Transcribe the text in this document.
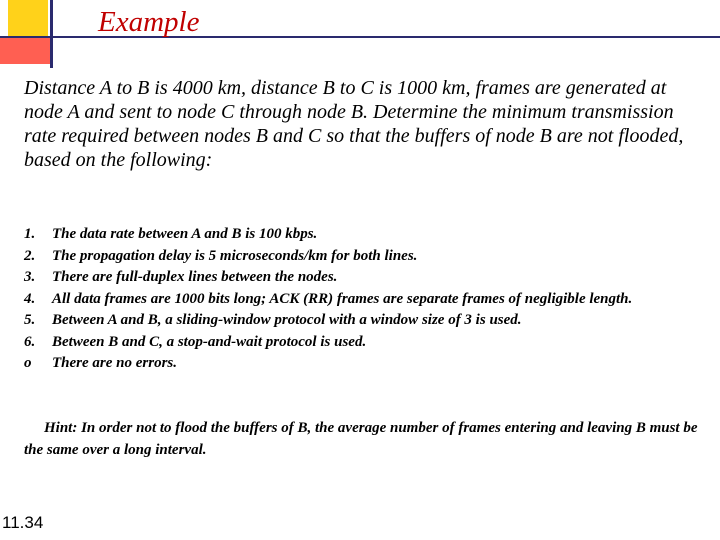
Example

Distance A to B is 4000 km, distance B to C is 1000 km, frames are generated at node A and sent to node C through node B. Determine the minimum transmission rate required between nodes B and C so that the buffers of node B are not flooded, based on the following:

1.	The data rate between A and B is 100 kbps.
2.	The propagation delay is 5 microseconds/km for both lines.
3.	There are full-duplex lines between the nodes.
4.	All data frames are 1000 bits long; ACK (RR) frames are separate frames of negligible length.
5.	Between A and B, a sliding-window protocol with a window size of 3 is used.
6.	Between B and C, a stop-and-wait protocol is used.
o	There are no errors.

Hint: In order not to flood the buffers of B, the average number of frames entering and leaving B must be the same over a long interval.

11.34
